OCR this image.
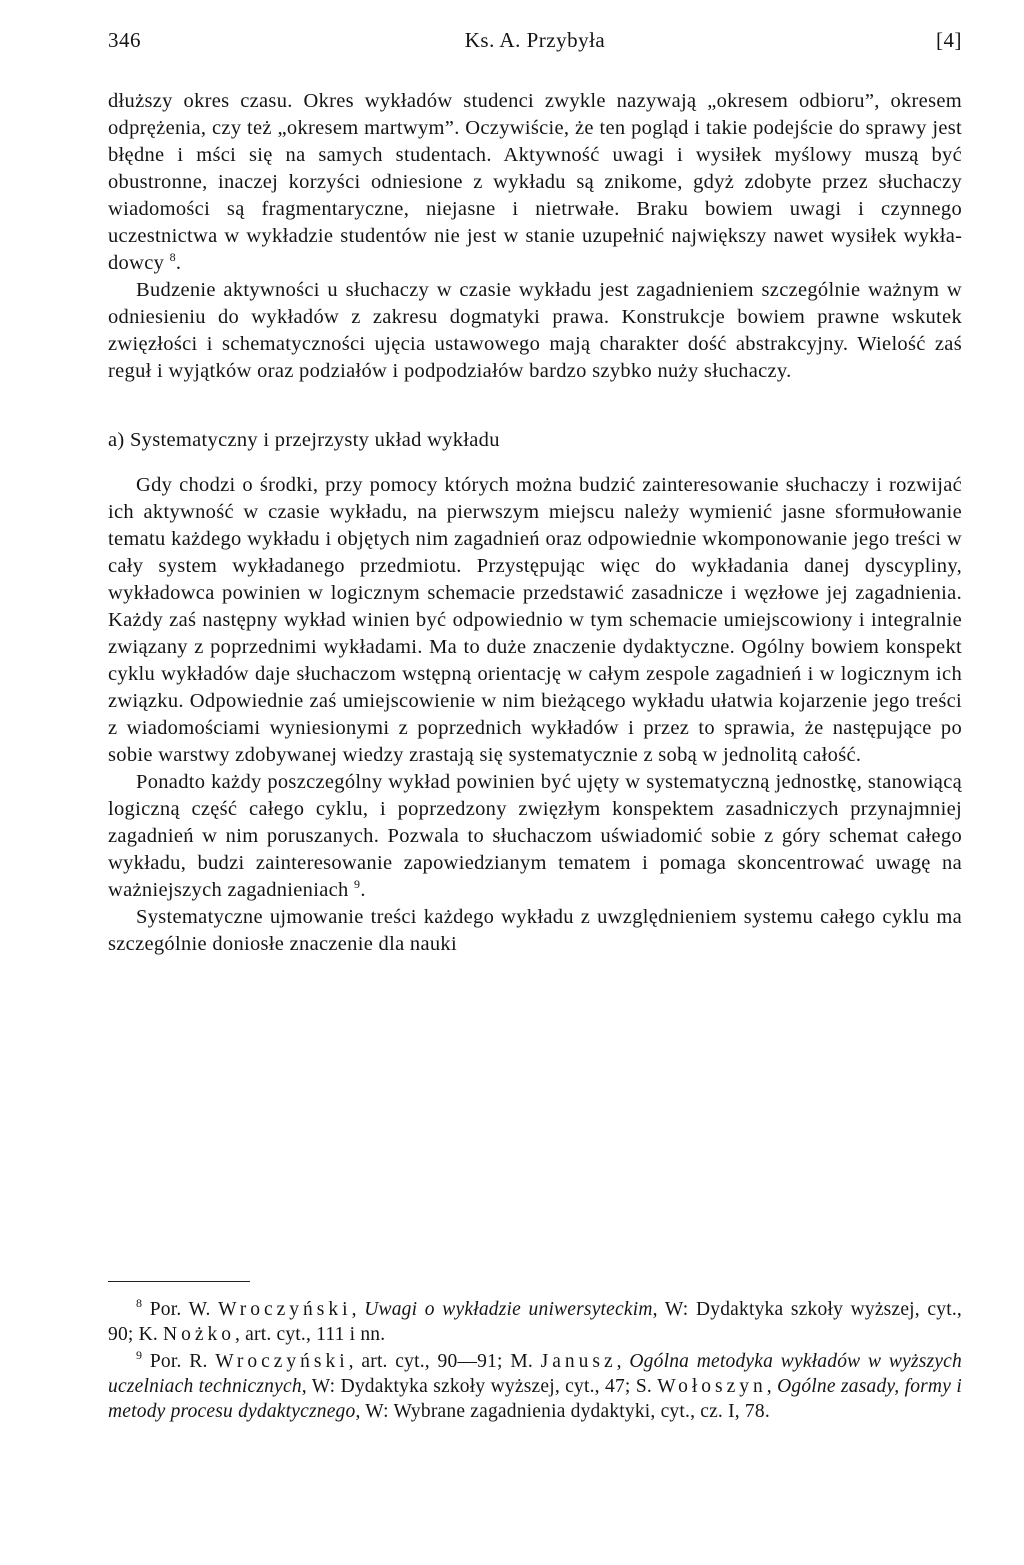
346	Ks. A. Przybyła	[4]

dłuższy okres czasu. Okres wykładów studenci zwykle nazywają „okresem odbioru”, okresem odprężenia, czy też „okresem martwym”. Oczywiście, że ten pogląd i takie podejście do sprawy jest błędne i mści się na samych studentach. Aktywność uwagi i wysiłek myślowy muszą być obustronne, inaczej korzyści odniesione z wykładu są znikome, gdyż zdobyte przez słuchaczy wiadomości są fragmentaryczne, niejasne i nietrwałe. Braku bowiem uwagi i czynnego uczestnictwa w wykładzie studentów nie jest w stanie uzupełnić największy nawet wysiłek wykładowcy $^8$.

Budzenie aktywności u słuchaczy w czasie wykładu jest zagadnieniem szczególnie ważnym w odniesieniu do wykładów z zakresu dogmatyki prawa. Konstrukcje bowiem prawne wskutek zwięzłości i schematyczności ujęcia ustawowego mają charakter dość abstrakcyjny. Wielość zaś reguł i wyjątków oraz podziałów i podpodziałów bardzo szybko nuży słuchaczy.

a) Systematyczny i przejrzysty układ wykładu

Gdy chodzi o środki, przy pomocy których można budzić zainteresowanie słuchaczy i rozwijać ich aktywność w czasie wykładu, na pierwszym miejscu należy wymienić jasne sformułowanie tematu każdego wykładu i objętych nim zagadnień oraz odpowiednie wkomponowanie jego treści w cały system wykładanego przedmiotu. Przystępując więc do wykładania danej dyscypliny, wykładowca powinien w logicznym schemacie przedstawić zasadnicze i węzłowe jej zagadnienia. Każdy zaś następny wykład winien być odpowiednio w tym schemacie umiejscowiony i integralnie związany z poprzednimi wykładami. Ma to duże znaczenie dydaktyczne. Ogólny bowiem konspekt cyklu wykładów daje słuchaczom wstępną orientację w całym zespole zagadnień i w logicznym ich związku. Odpowiednie zaś umiejscowienie w nim bieżącego wykładu ułatwia kojarzenie jego treści z wiadomościami wyniesionymi z poprzednich wykładów i przez to sprawia, że następujące po sobie warstwy zdobywanej wiedzy zrastają się systematycznie z sobą w jednolitą całość.

Ponadto każdy poszczególny wykład powinien być ujęty w systematyczną jednostkę, stanowiącą logiczną część całego cyklu, i poprzedzony zwięzłym konspektem zasadniczych przynajmniej zagadnień w nim poruszanych. Pozwala to słuchaczom uświadomić sobie z góry schemat całego wykładu, budzi zainteresowanie zapowiedzianym tematem i pomaga skoncentrować uwagę na ważniejszych zagadnieniach $^9$.

Systematyczne ujmowanie treści każdego wykładu z uwzględnieniem systemu całego cyklu ma szczególnie doniosłe znaczenie dla nauki

$^8$ Por. W. Wroczyński, Uwagi o wykładzie uniwersyteckim, W: Dydaktyka szkoły wyższej, cyt., 90; K. Nożko, art. cyt., 111 i nn.

$^9$ Por. R. Wroczyński, art. cyt., 90—91; M. Janusz, Ogólna metodyka wykładów w wyższych uczelniach technicznych, W: Dydaktyka szkoły wyższej, cyt., 47; S. Wołoszyn, Ogólne zasady, formy i metody procesu dydaktycznego, W: Wybrane zagadnienia dydaktyki, cyt., cz. I, 78.
